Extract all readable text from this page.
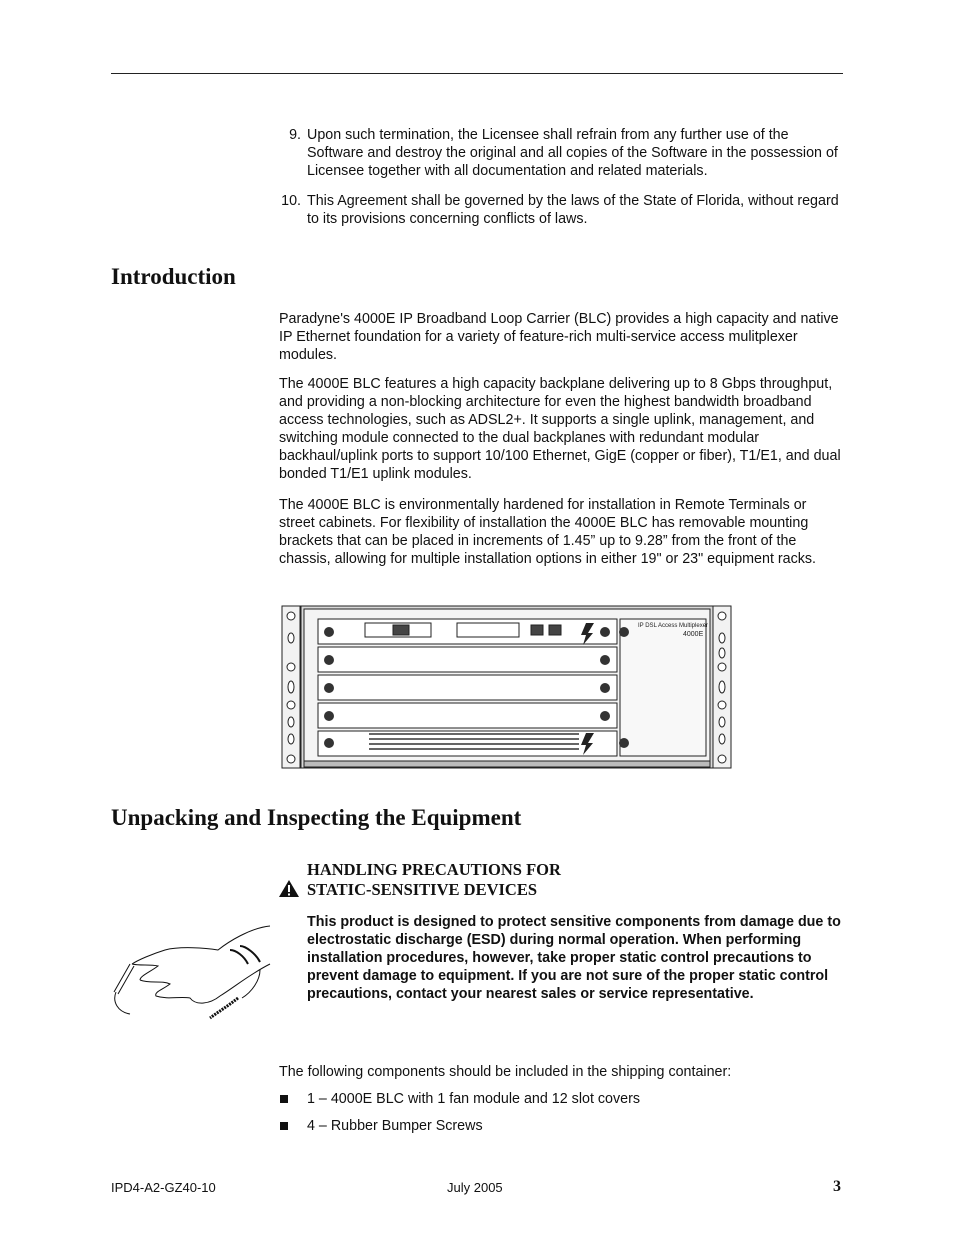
9. Upon such termination, the Licensee shall refrain from any further use of the Software and destroy the original and all copies of the Software in the possession of Licensee together with all documentation and related materials.
10. This Agreement shall be governed by the laws of the State of Florida, without regard to its provisions concerning conflicts of laws.
Introduction

Paradyne's 4000E IP Broadband Loop Carrier (BLC) provides a high capacity and native IP Ethernet foundation for a variety of feature-rich multi-service access mulitplexer modules.

The 4000E BLC features a high capacity backplane delivering up to 8 Gbps throughput, and providing a non-blocking architecture for even the highest bandwidth broadband access technologies, such as ADSL2+. It supports a single uplink, management, and switching module connected to the dual backplanes with redundant modular backhaul/uplink ports to support 10/100 Ethernet, GigE (copper or fiber), T1/E1, and dual bonded T1/E1 uplink modules.

The 4000E BLC is environmentally hardened for installation in Remote Terminals or street cabinets. For flexibility of installation the 4000E BLC has removable mounting brackets that can be placed in increments of 1.45” up to 9.28” from the front of the chassis, allowing for multiple installation options in either 19" or 23" equipment racks.

IP DSL Access Multiplexer
4000E
Unpacking and Inspecting the Equipment
HANDLING PRECAUTIONS FOR
STATIC-SENSITIVE DEVICES
This product is designed to protect sensitive components from damage due to electrostatic discharge (ESD) during normal operation. When performing installation procedures, however, take proper static control precautions to prevent damage to equipment. If you are not sure of the proper static control precautions, contact your nearest sales or service representative.

The following components should be included in the shipping container:

1 – 4000E BLC with 1 fan module and 12 slot covers
4 – Rubber Bumper Screws
IPD4-A2-GZ40-10	July 2005	3
